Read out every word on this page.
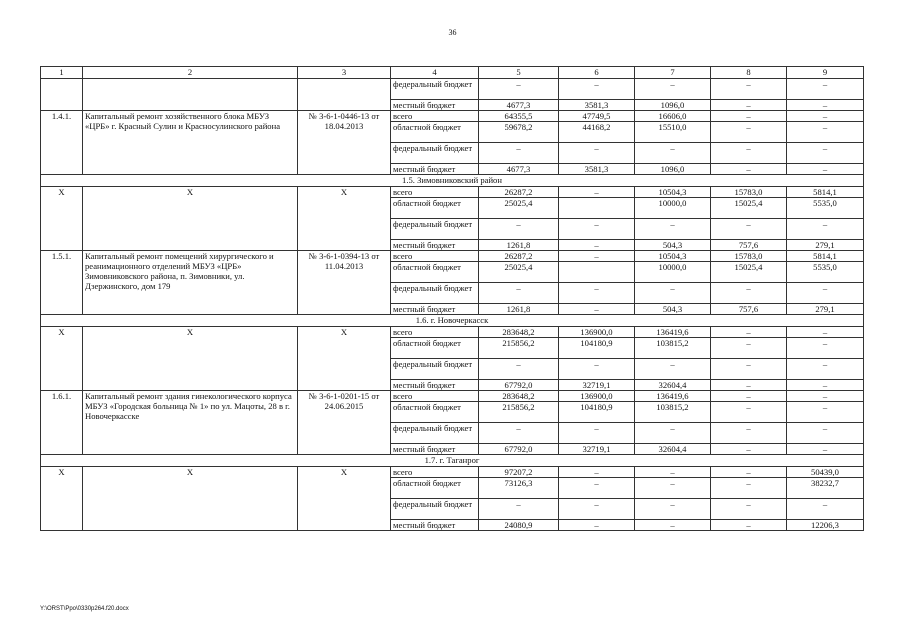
36
1	2	3	4	5	6	7	8	9
			федеральный бюджет	–	–	–	–	–
			местный бюджет	4677,3	3581,3	1096,0	–	–
1.4.1.	Капитальный ремонт хозяйственного блока МБУЗ «ЦРБ» г. Красный Сулин и Красносулинского района	№ 3-6-1-0446-13 от 18.04.2013	всего	64355,5	47749,5	16606,0	–	–
			областной бюджет	59678,2	44168,2	15510,0	–	–
			федеральный бюджет	–	–	–	–	–
			местный бюджет	4677,3	3581,3	1096,0	–	–
1.5. Зимовниковский район								
Х	Х	Х	всего	26287,2	–	10504,3	15783,0	5814,1
			областной бюджет	25025,4		10000,0	15025,4	5535,0
			федеральный бюджет	–	–	–	–	–
			местный бюджет	1261,8	–	504,3	757,6	279,1
1.5.1.	Капитальный ремонт помещений хирургического и реанимационного отделений МБУЗ «ЦРБ» Зимовниковского района, п. Зимовники, ул. Дзержинского, дом 179	№ 3-6-1-0394-13 от 11.04.2013	всего	26287,2	–	10504,3	15783,0	5814,1
			областной бюджет	25025,4		10000,0	15025,4	5535,0
			федеральный бюджет	–	–	–	–	–
			местный бюджет	1261,8	–	504,3	757,6	279,1
1.6. г. Новочеркасск								
Х	Х	Х	всего	283648,2	136900,0	136419,6	–	–
			областной бюджет	215856,2	104180,9	103815,2	–	–
			федеральный бюджет	–	–	–	–	–
			местный бюджет	67792,0	32719,1	32604,4	–	–
1.6.1.	Капитальный ремонт здания гинекологического корпуса МБУЗ «Городская больница № 1» по ул. Мацоты, 28 в г. Новочеркасске	№ 3-6-1-0201-15 от 24.06.2015	всего	283648,2	136900,0	136419,6	–	–
			областной бюджет	215856,2	104180,9	103815,2	–	–
			федеральный бюджет	–	–	–	–	–
			местный бюджет	67792,0	32719,1	32604,4	–	–
1.7. г. Таганрог								
Х	Х	Х	всего	97207,2	–	–	–	50439,0
			областной бюджет	73126,3	–	–	–	38232,7
			федеральный бюджет	–	–	–	–	–
			местный бюджет	24080,9	–	–	–	12206,3
Y:\ORST\Ppo\0330p264.f20.docx
